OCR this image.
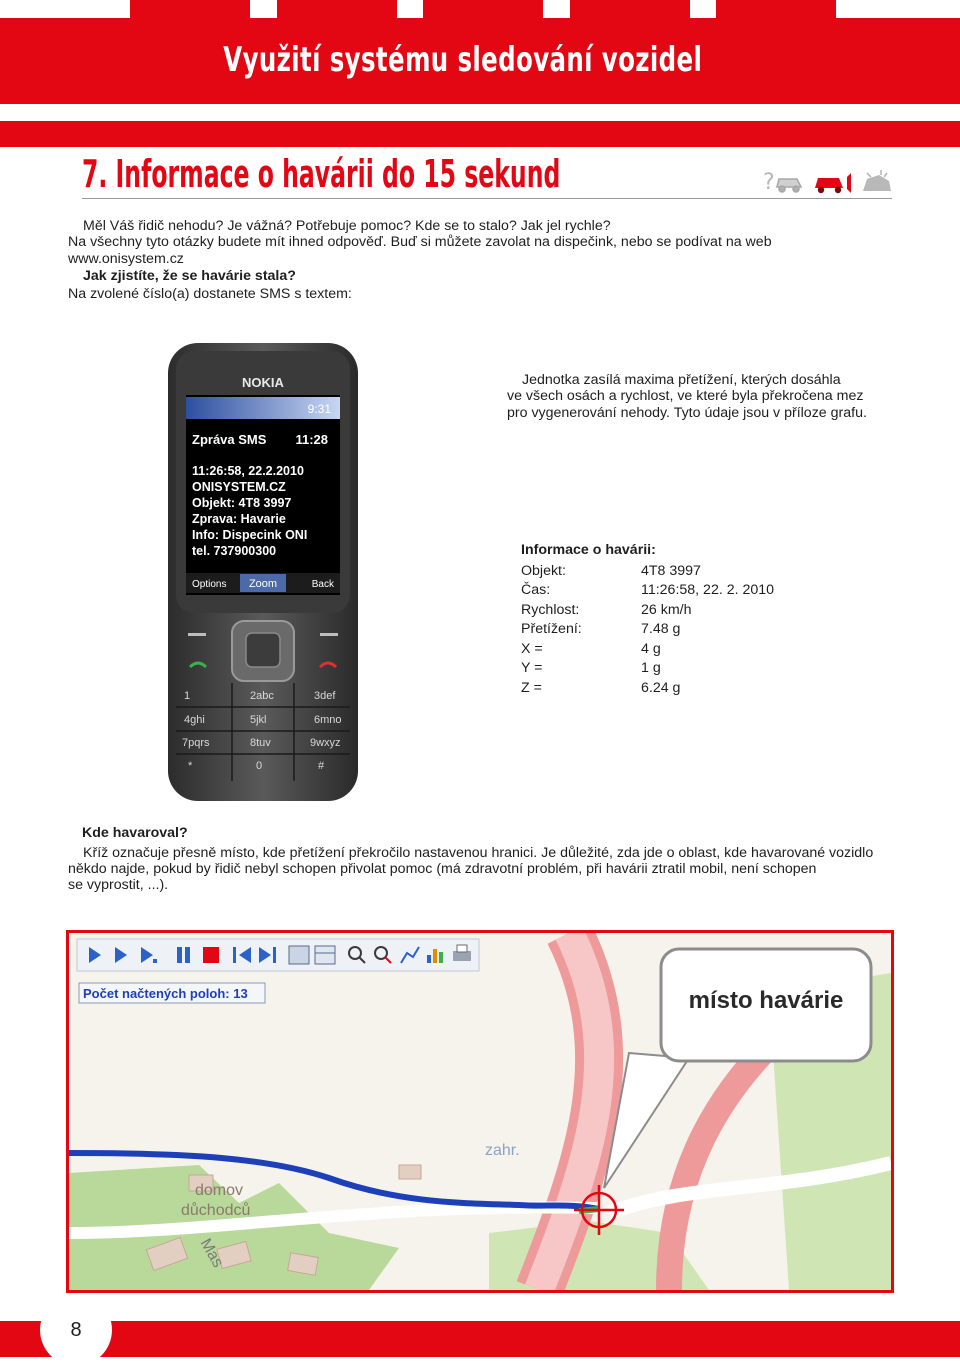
Využití systému sledování vozidel
7. Informace o havárii do 15 sekund	?
Měl Váš řidič nehodu? Je vážná? Potřebuje pomoc? Kde se to stalo? Jak jel rychle?
Na všechny tyto otázky budete mít ihned odpověď. Buď si můžete zavolat na dispečink, nebo se podívat na web
www.onisystem.cz
Jak zjistíte, že se havárie stala?
Na zvolené číslo(a) dostanete SMS s textem:
NOKIA
9:31
Zpráva SMS 11:28
11:26:58, 22.2.2010
ONISYSTEM.CZ
Objekt: 4T8 3997
Zprava: Havarie
Info: Dispecink ONI
tel. 737900300
Options Zoom	Back
1	2abc	3def
4ghi	5jkl	6mno
7pqrs	8tuv	9wxyz
*	0	#
Jednotka zasílá maxima přetížení, kterých dosáhla
ve všech osách a rychlost, ve které byla překročena mez
pro vygenerování nehody. Tyto údaje jsou v příloze grafu.
Informace o havárii:
Objekt:	4T8 3997
Čas:	11:26:58, 22. 2. 2010
Rychlost:	26 km/h
Přetížení:	7.48 g
X =	4 g
Y =	1 g
Z =	6.24 g
Kde havaroval?
Kříž označuje přesně místo, kde přetížení překročilo nastavenou hranici. Je důležité, zda jde o oblast, kde havarované vozidlo
někdo najde, pokud by řidič nebyl schopen přivolat pomoc (má zdravotní problém, při havárii ztratil mobil, není schopen
se vyprostit, ...).
místo havárie
zahr.
domov
důchodců
Mas
Počet načtených poloh: 13
8
